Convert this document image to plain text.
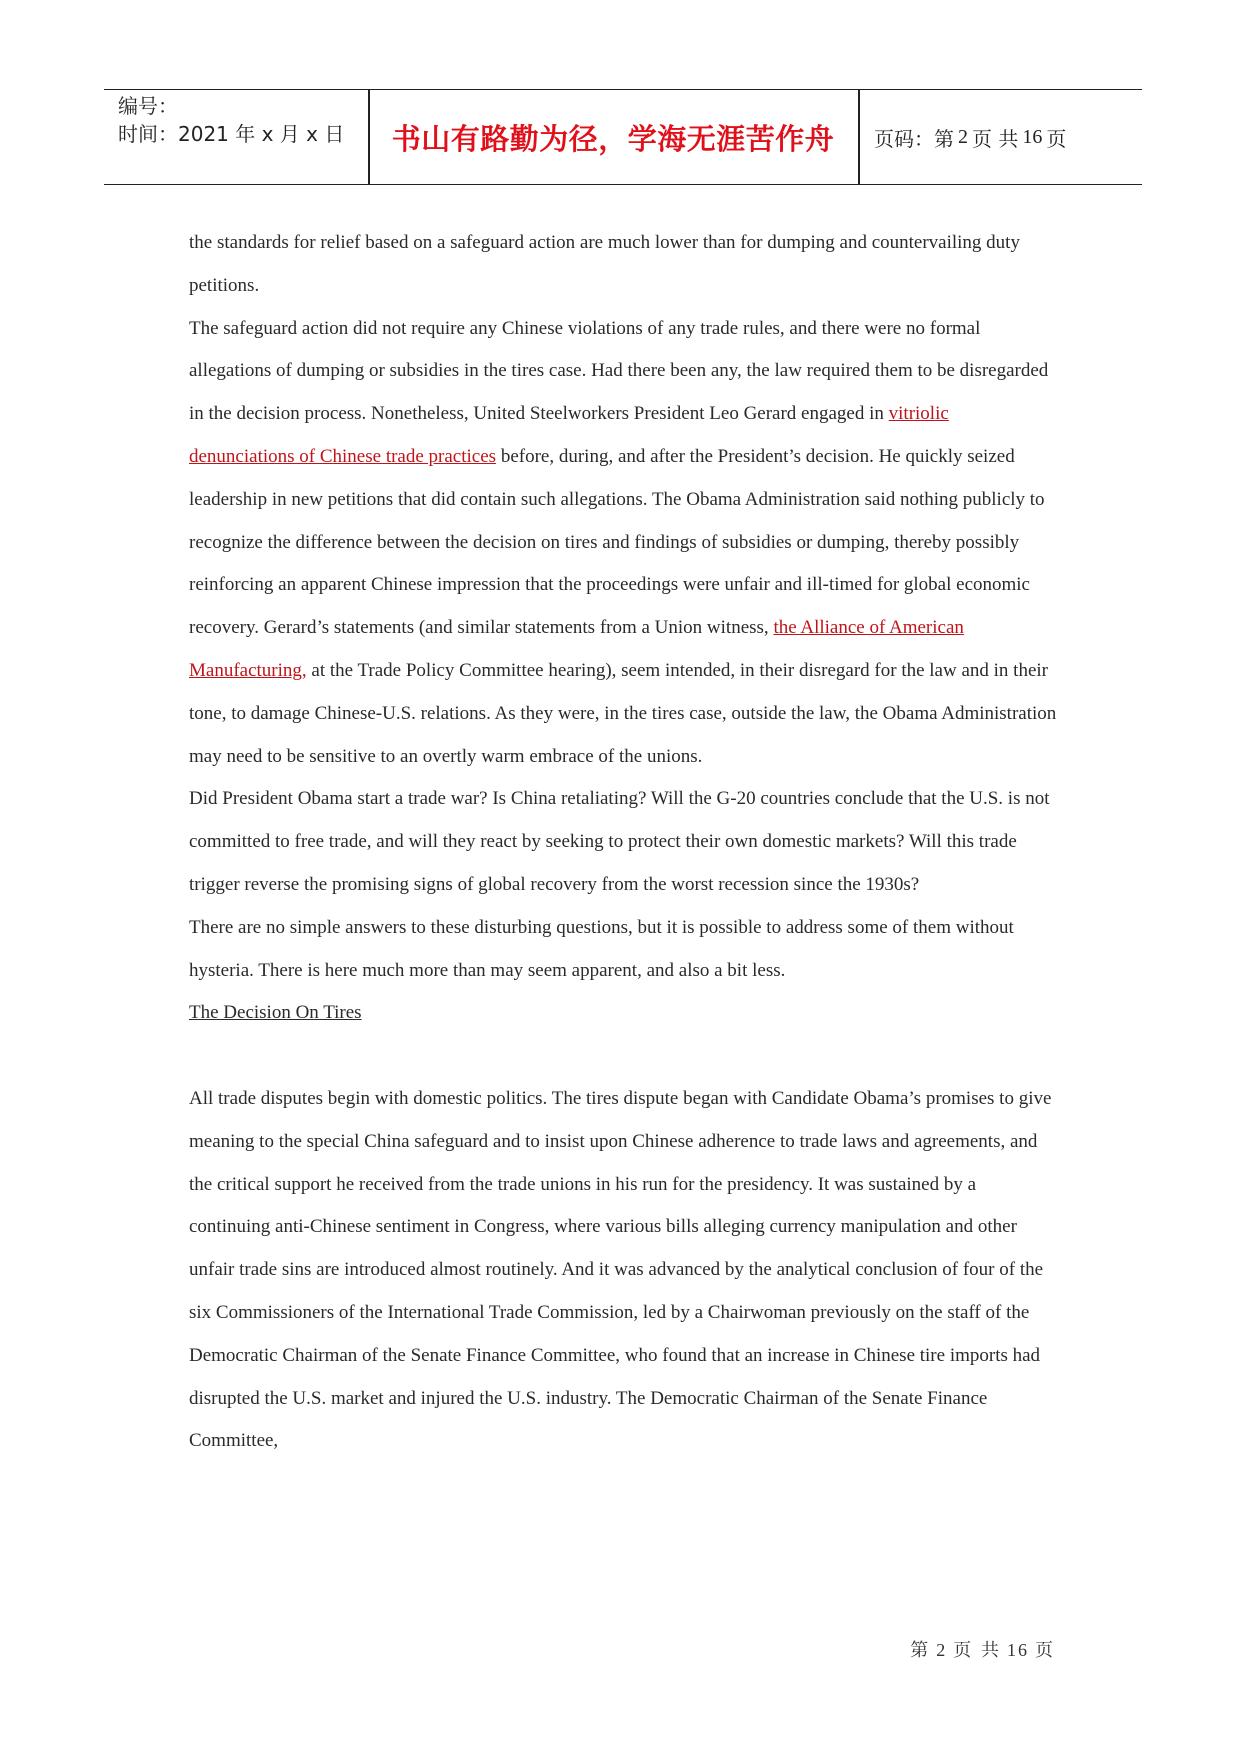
编号：
时间：2021 年 x 月 x 日	书山有路勤为径，学海无涯苦作舟	页码：第 2 页 共 16 页

the standards for relief based on a safeguard action are much lower than for dumping and countervailing duty petitions.

The safeguard action did not require any Chinese violations of any trade rules, and there were no formal allegations of dumping or subsidies in the tires case. Had there been any, the law required them to be disregarded in the decision process. Nonetheless, United Steelworkers President Leo Gerard engaged in vitriolic denunciations of Chinese trade practices before, during, and after the President’s decision. He quickly seized leadership in new petitions that did contain such allegations. The Obama Administration said nothing publicly to recognize the difference between the decision on tires and findings of subsidies or dumping, thereby possibly reinforcing an apparent Chinese impression that the proceedings were unfair and ill-timed for global economic recovery. Gerard’s statements (and similar statements from a Union witness, the Alliance of American Manufacturing, at the Trade Policy Committee hearing), seem intended, in their disregard for the law and in their tone, to damage Chinese-U.S. relations. As they were, in the tires case, outside the law, the Obama Administration may need to be sensitive to an overtly warm embrace of the unions.

Did President Obama start a trade war? Is China retaliating? Will the G-20 countries conclude that the U.S. is not committed to free trade, and will they react by seeking to protect their own domestic markets? Will this trade trigger reverse the promising signs of global recovery from the worst recession since the 1930s?

There are no simple answers to these disturbing questions, but it is possible to address some of them without hysteria. There is here much more than may seem apparent, and also a bit less.

The Decision On Tires

All trade disputes begin with domestic politics. The tires dispute began with Candidate Obama’s promises to give meaning to the special China safeguard and to insist upon Chinese adherence to trade laws and agreements, and the critical support he received from the trade unions in his run for the presidency. It was sustained by a continuing anti-Chinese sentiment in Congress, where various bills alleging currency manipulation and other unfair trade sins are introduced almost routinely. And it was advanced by the analytical conclusion of four of the six Commissioners of the International Trade Commission, led by a Chairwoman previously on the staff of the Democratic Chairman of the Senate Finance Committee, who found that an increase in Chinese tire imports had disrupted the U.S. market and injured the U.S. industry. The Democratic Chairman of the Senate Finance Committee,

第 2 页 共 16 页
